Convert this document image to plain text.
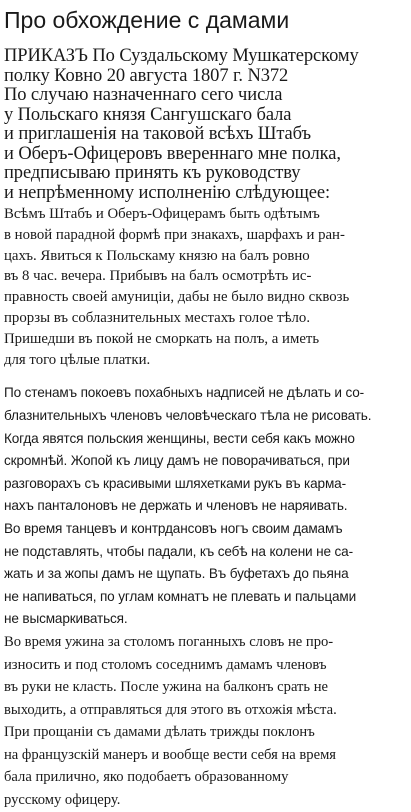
Про обхождение с дамами
ПРИКАЗЪ По Суздальскому Мушкатерскому
полку Ковно 20 августа 1807 г. N372
По случаю назначеннаго сего числа
у Польскаго князя Сангушскаго бала
и приглашенія на таковой всѣхъ Штабъ
и Оберъ-Офицеровъ ввереннаго мне полка,
предписываю принять къ руководству
и непрѣменному исполненію слѣдующее:
Всѣмъ Штабъ и Оберъ-Офицерамъ быть одѣтымъ
в новой парадной формѣ при знакахъ, шарфахъ и ран-
цахъ. Явиться к Польскаму князю на балъ ровно
въ 8 час. вечера. Прибывъ на балъ осмотрѣть ис-
правность своей амуниціи, дабы не было видно сквозь
прорзы въ соблазнительных местахъ голое тѣло.
Пришедши въ покой не сморкать на полъ, а иметь
для того цѣлые платки.
По стенамъ покоевъ похабныхъ надписей не дѣлать и со-
блазнительныхъ членовъ человѣческаго тѣла не рисовать.
Когда явятся польския женщины, вести себя какъ можно
скромнѣй. Жопой къ лицу дамъ не поворачиваться, при
разговорахъ съ красивыми шляхетками рукъ въ карма-
нахъ панталоновъ не держать и членовъ не наряивать.
Во время танцевъ и контрдансовъ ногъ своим дамамъ
не подставлять, чтобы падали, къ себѣ на колени не са-
жать и за жопы дамъ не щупать. Въ буфетахъ до пьяна
не напиваться, по углам комнатъ не плевать и пальцами
не высмаркиваться.
Во время ужина за столомъ поганныхъ словъ не про-
износить и под столомъ соседнимъ дамамъ членовъ
въ руки не класть. После ужина на балконъ срать не
выходить, а отправляться для этого въ отхожія мѣста.
При прощаніи съ дамами дѣлать трижды поклонъ
на французскій манеръ и вообще вести себя на время
бала прилично, яко подобаетъ образованному
русскому офицеру.
